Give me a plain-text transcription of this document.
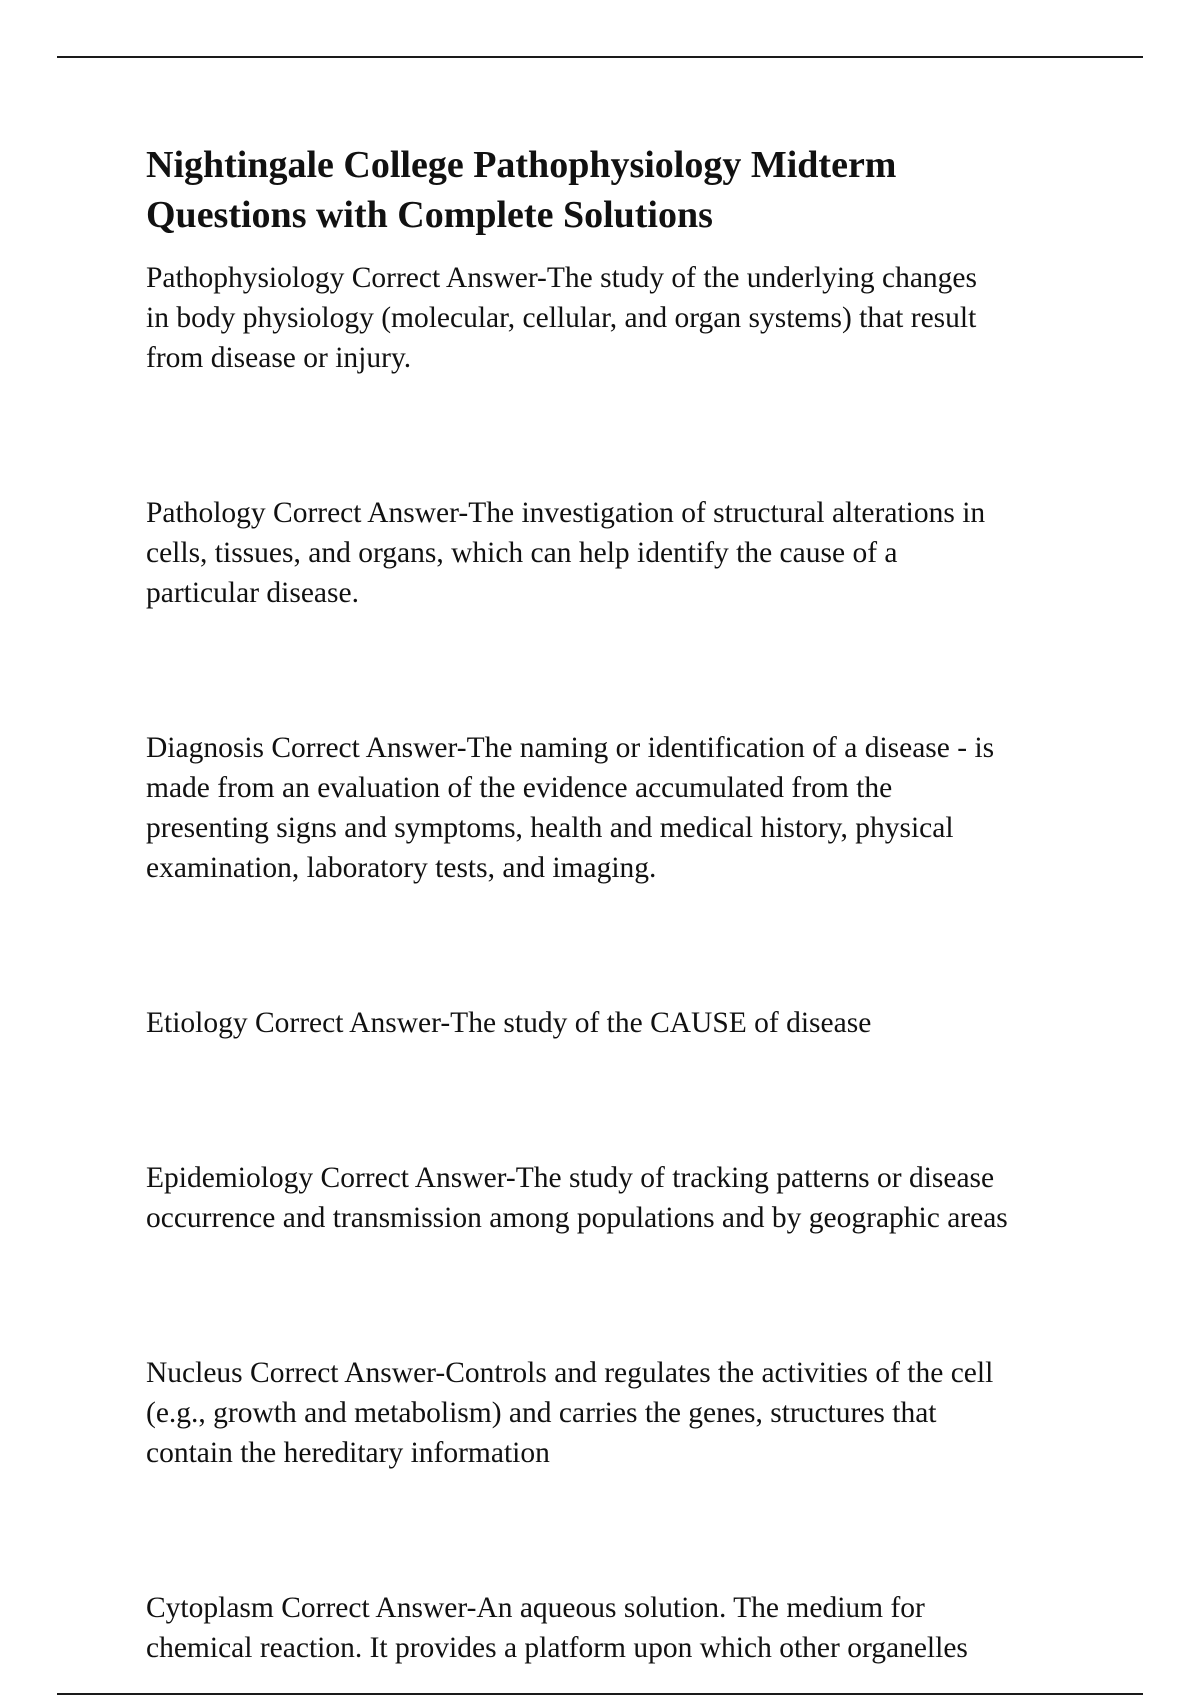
Nightingale College Pathophysiology Midterm
Questions with Complete Solutions

Pathophysiology Correct Answer-The study of the underlying changes
in body physiology (molecular, cellular, and organ systems) that result
from disease or injury.

Pathology Correct Answer-The investigation of structural alterations in
cells, tissues, and organs, which can help identify the cause of a
particular disease.

Diagnosis Correct Answer-The naming or identification of a disease - is
made from an evaluation of the evidence accumulated from the
presenting signs and symptoms, health and medical history, physical
examination, laboratory tests, and imaging.

Etiology Correct Answer-The study of the CAUSE of disease

Epidemiology Correct Answer-The study of tracking patterns or disease
occurrence and transmission among populations and by geographic areas

Nucleus Correct Answer-Controls and regulates the activities of the cell
(e.g., growth and metabolism) and carries the genes, structures that
contain the hereditary information

Cytoplasm Correct Answer-An aqueous solution. The medium for
chemical reaction. It provides a platform upon which other organelles
